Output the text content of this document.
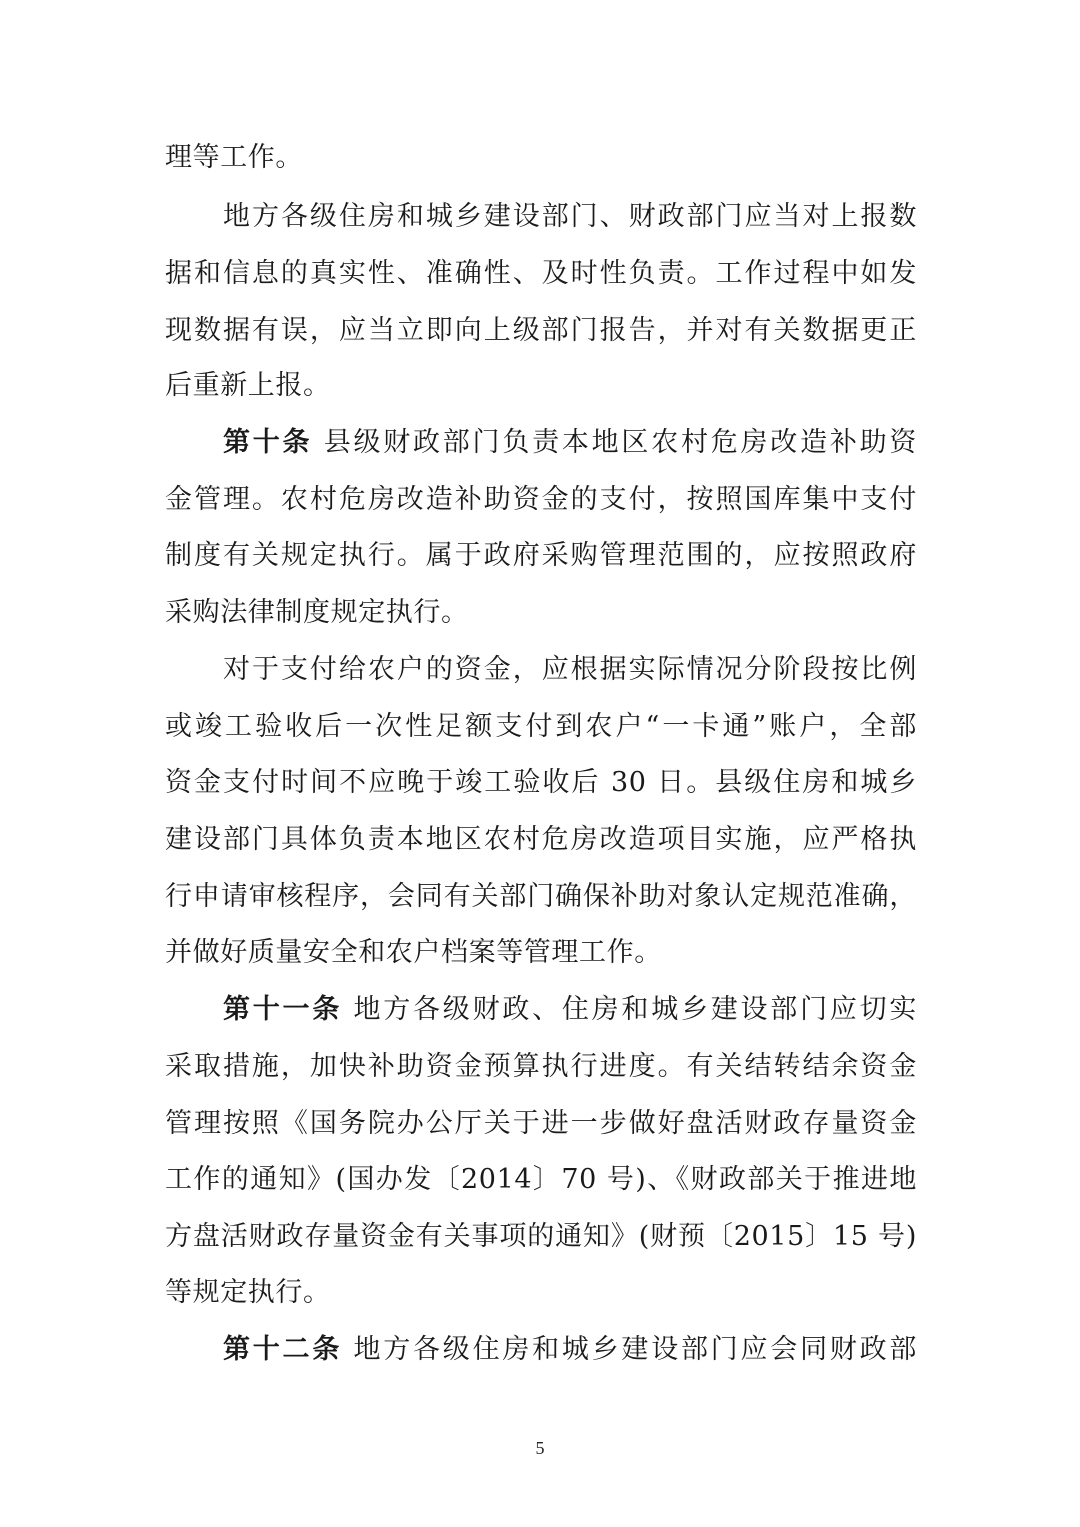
理等工作。
地方各级住房和城乡建设部门、财政部门应当对上报数
据和信息的真实性、准确性、及时性负责。工作过程中如发
现数据有误，应当立即向上级部门报告，并对有关数据更正
后重新上报。
第十条 县级财政部门负责本地区农村危房改造补助资
金管理。农村危房改造补助资金的支付，按照国库集中支付
制度有关规定执行。属于政府采购管理范围的，应按照政府
采购法律制度规定执行。
对于支付给农户的资金，应根据实际情况分阶段按比例
或竣工验收后一次性足额支付到农户“一卡通”账户，全部
资金支付时间不应晚于竣工验收后 30 日。县级住房和城乡
建设部门具体负责本地区农村危房改造项目实施，应严格执
行申请审核程序，会同有关部门确保补助对象认定规范准确，
并做好质量安全和农户档案等管理工作。
第十一条 地方各级财政、住房和城乡建设部门应切实
采取措施，加快补助资金预算执行进度。有关结转结余资金
管理按照《国务院办公厅关于进一步做好盘活财政存量资金
工作的通知》(国办发〔2014〕70 号)、《财政部关于推进地
方盘活财政存量资金有关事项的通知》(财预〔2015〕15 号)
等规定执行。
第十二条 地方各级住房和城乡建设部门应会同财政部
5
